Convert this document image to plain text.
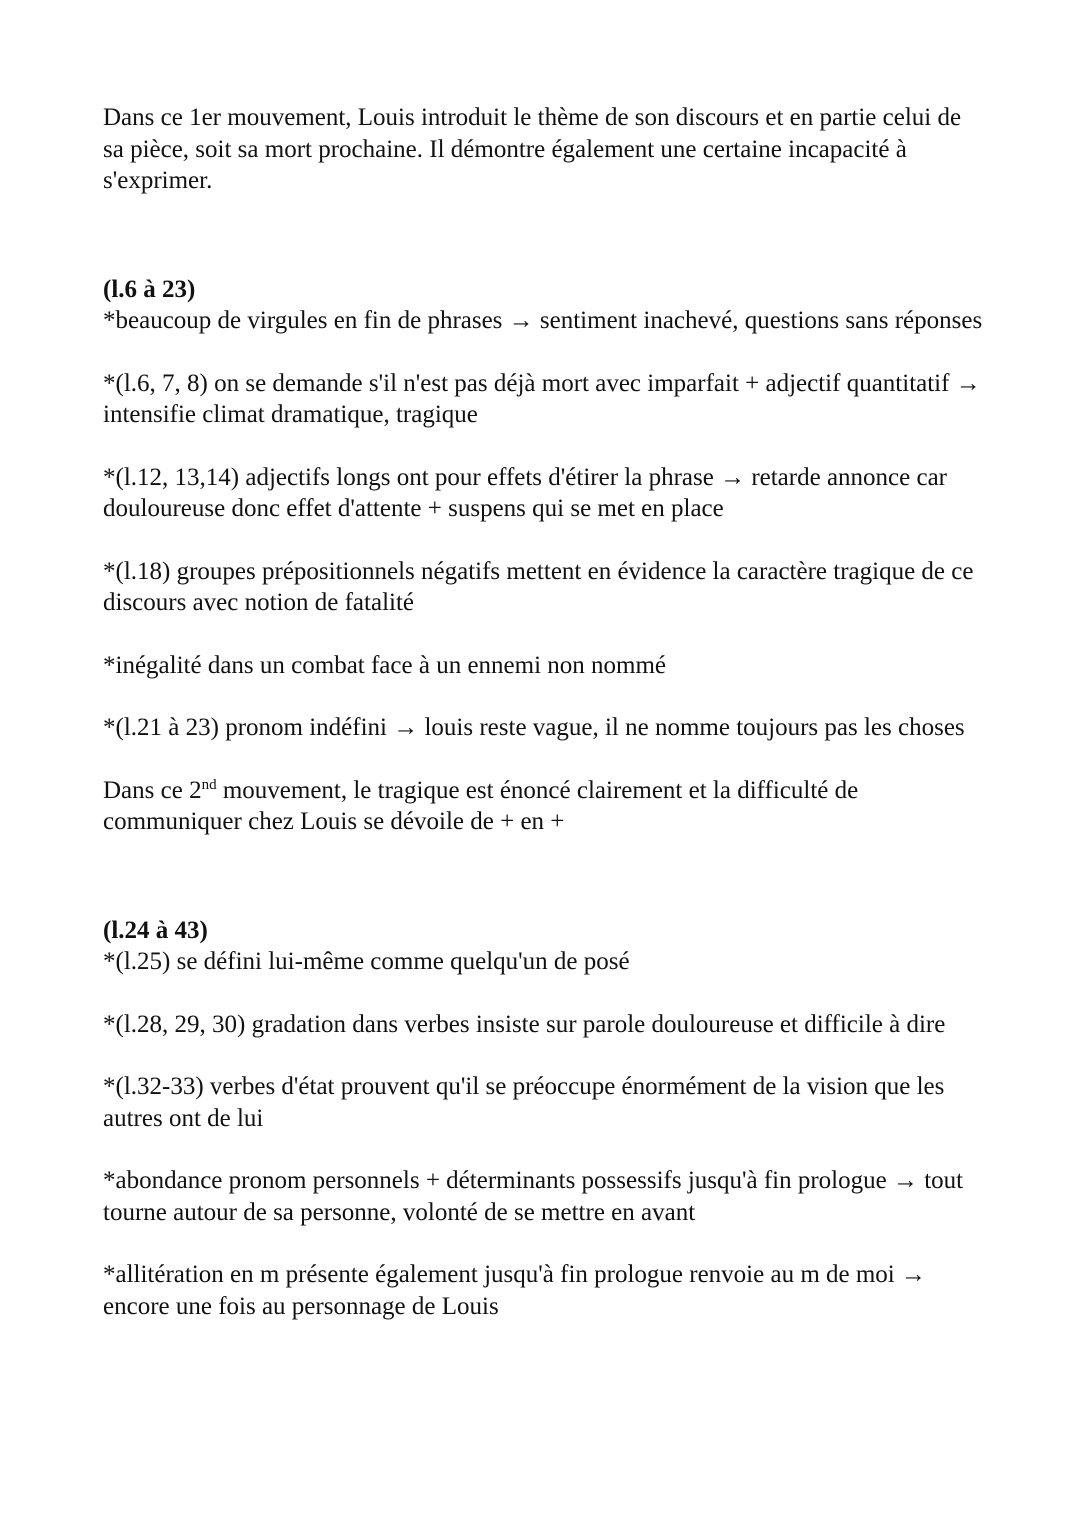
Dans ce 1er mouvement, Louis introduit le thème de son discours et en partie celui de sa pièce, soit sa mort prochaine. Il démontre également une certaine incapacité à s'exprimer.

(l.6 à 23)
*beaucoup de virgules en fin de phrases → sentiment inachevé, questions sans réponses

*(l.6, 7, 8) on se demande s'il n'est pas déjà mort avec imparfait + adjectif quantitatif → intensifie climat dramatique, tragique

*(l.12, 13,14) adjectifs longs ont pour effets d'étirer la phrase → retarde annonce car douloureuse donc effet d'attente + suspens qui se met en place

*(l.18) groupes prépositionnels négatifs mettent en évidence la caractère tragique de ce discours avec notion de fatalité

*inégalité dans un combat face à un ennemi non nommé

*(l.21 à 23) pronom indéfini → louis reste vague, il ne nomme toujours pas les choses

Dans ce 2nd mouvement, le tragique est énoncé clairement et la difficulté de communiquer chez Louis se dévoile de + en +

(l.24 à 43)
*(l.25) se défini lui-même comme quelqu'un de posé

*(l.28, 29, 30) gradation dans verbes insiste sur parole douloureuse et difficile à dire

*(l.32-33) verbes d'état prouvent qu'il se préoccupe énormément de la vision que les autres ont de lui

*abondance pronom personnels + déterminants possessifs jusqu'à fin prologue → tout tourne autour de sa personne, volonté de se mettre en avant

*allitération en m présente également jusqu'à fin prologue renvoie au m de moi → encore une fois au personnage de Louis
